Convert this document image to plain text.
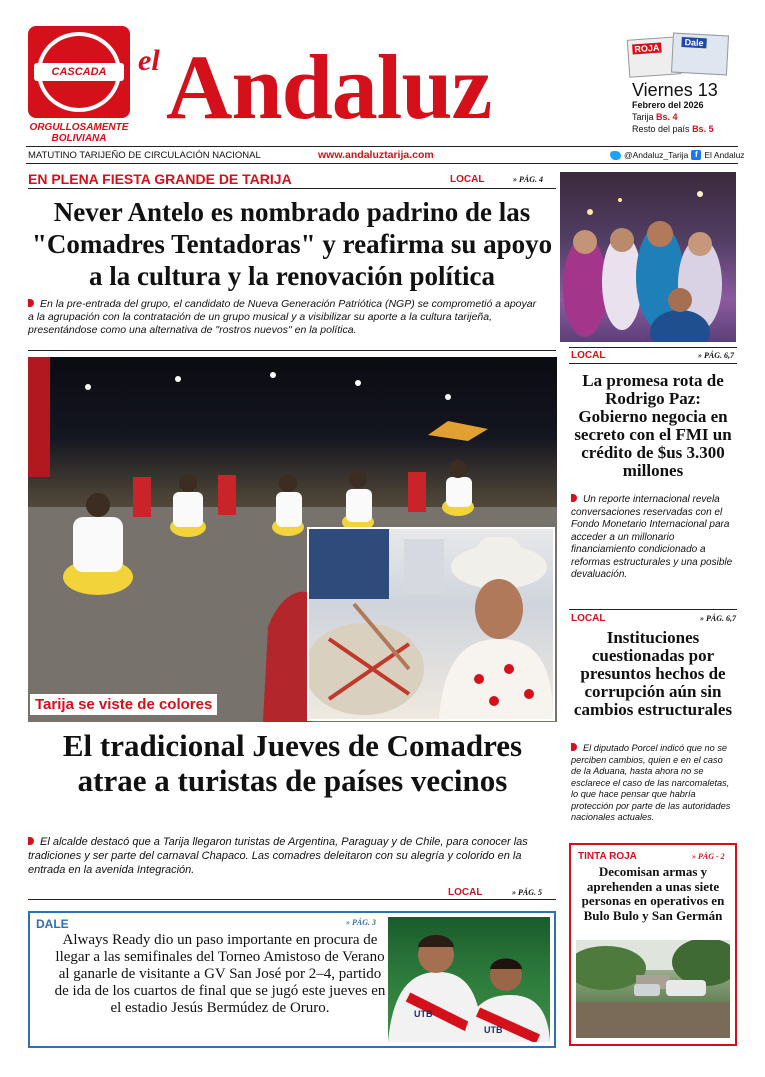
CASCADA
ORGULLOSAMENTE BOLIVIANA
el Andaluz	ROJA	Dale
Viernes 13
Febrero del 2026
Tarija Bs. 4
Resto del país Bs. 5
MATUTINO TARIJEÑO DE CIRCULACIÓN NACIONAL	www.andaluztarija.com	@Andaluz_Tarija f El Andaluz
EN PLENA FIESTA GRANDE DE TARIJA	LOCAL	» PÁG. 4
Never Antelo es nombrado padrino de las "Comadres Tentadoras" y reafirma su apoyo a la cultura y la renovación política
En la pre-entrada del grupo, el candidato de Nueva Generación Patriótica (NGP) se comprometió a apoyar a la agrupación con la contratación de un grupo musical y a visibilizar su aporte a la cultura tarijeña, presentándose como una alternativa de "rostros nuevos" en la política.
Tarija se viste de colores
El tradicional Jueves de Comadres atrae a turistas de países vecinos
El alcalde destacó que a Tarija llegaron turistas de Argentina, Paraguay y de Chile, para conocer las tradiciones y ser parte del carnaval Chapaco. Las comadres deleitaron con su alegría y colorido en la entrada en la avenida Integración.
LOCAL	» PÁG. 5
LOCAL	» PÁG. 6,7
La promesa rota de Rodrigo Paz: Gobierno negocia en secreto con el FMI un crédito de $us 3.300 millones
Un reporte internacional revela conversaciones reservadas con el Fondo Monetario Internacional para acceder a un millonario financiamiento condicionado a reformas estructurales y una posible devaluación.
LOCAL	» PÁG. 6,7
Instituciones cuestionadas por presuntos hechos de corrupción aún sin cambios estructurales
El diputado Porcel indicó que no se perciben cambios, quien e en el caso de la Aduana, hasta ahora no se esclarece el caso de las narcomaletas, lo que hace pensar que habría protección por parte de las autoridades nacionales actuales.
TINTA ROJA	» PÁG - 2
Decomisan armas y aprehenden a unas siete personas en operativos en Bulo Bulo y San Germán
DALE	» PÁG. 3
Always Ready dio un paso importante en procura de llegar a las semifinales del Torneo Amistoso de Verano al ganarle de visitante a GV San José por 2–4, partido de ida de los cuartos de final que se jugó este jueves en el estadio Jesús Bermúdez de Oruro.	UTB
UTB
